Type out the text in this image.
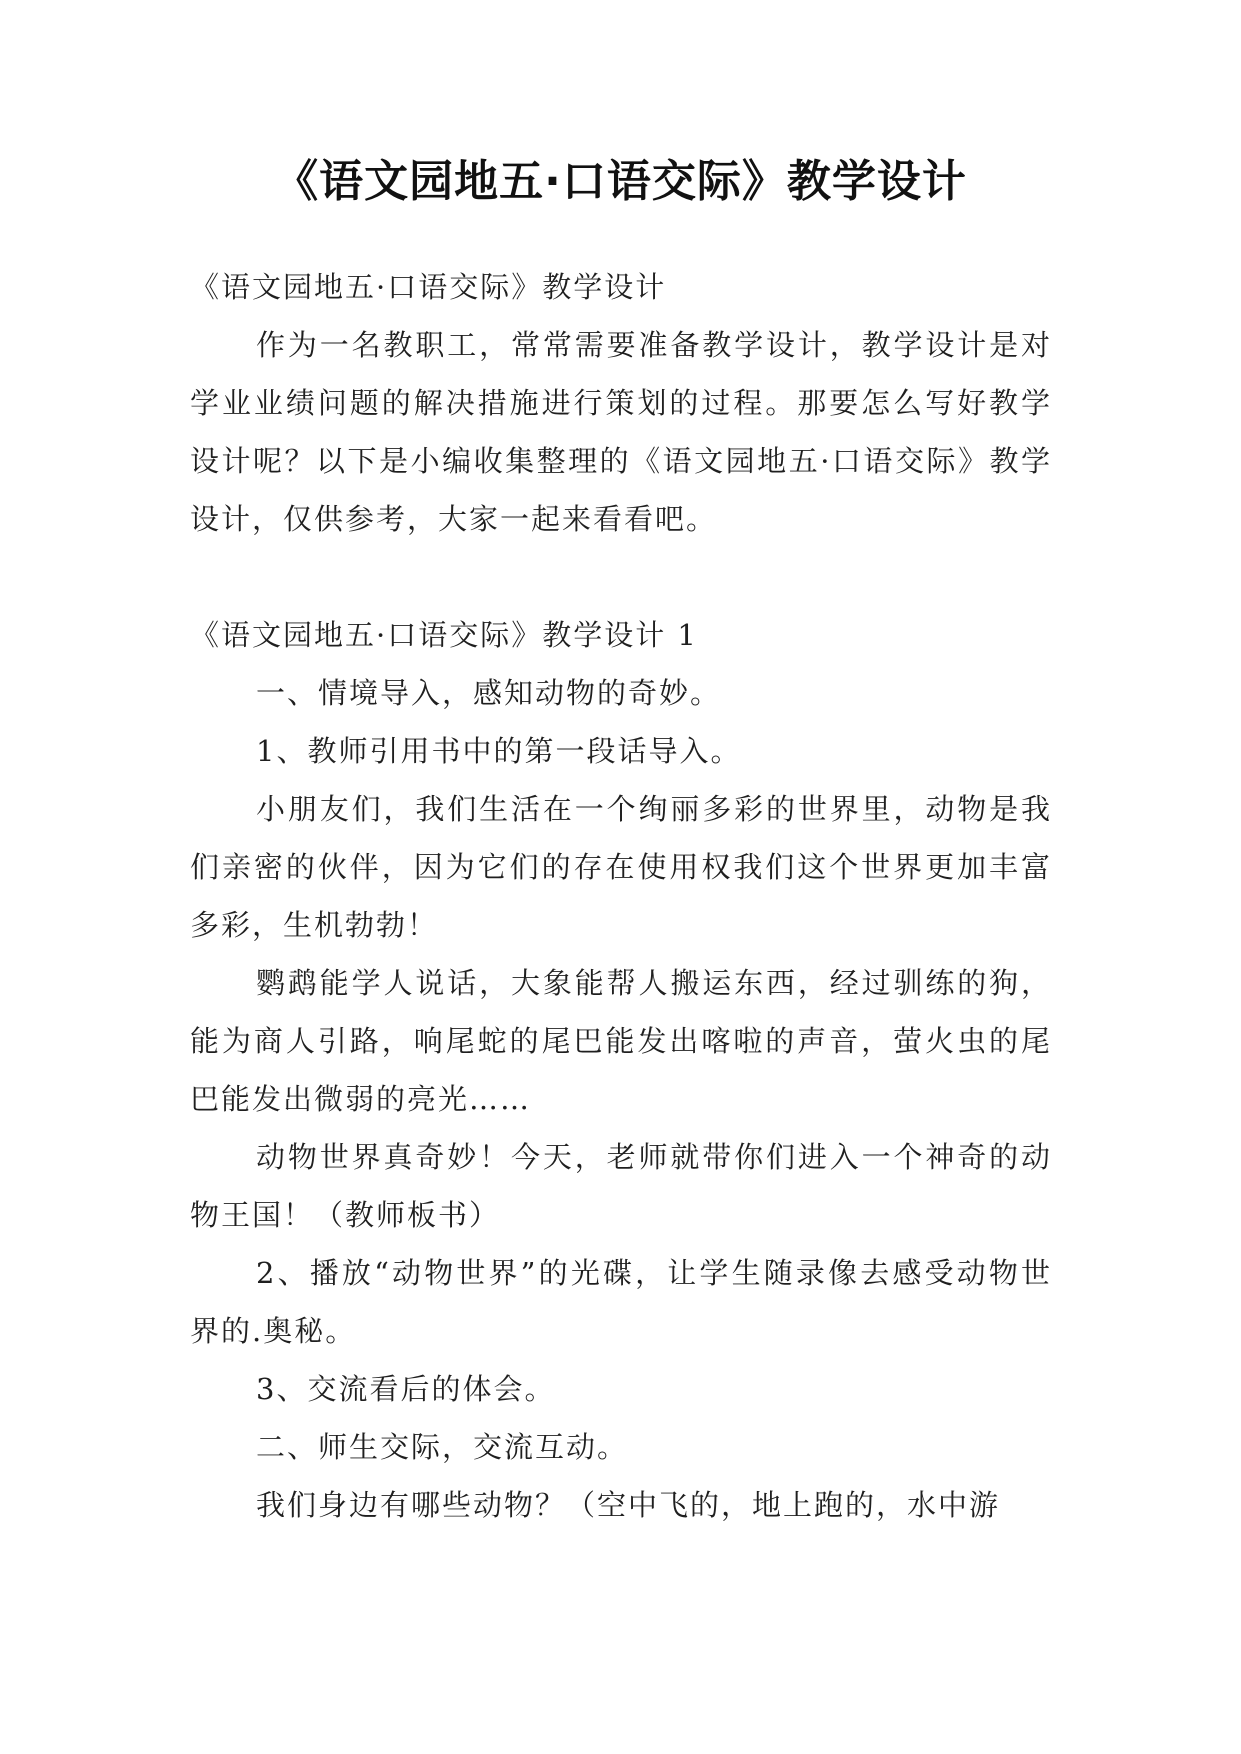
《语文园地五·口语交际》教学设计

《语文园地五·口语交际》教学设计

作为一名教职工，常常需要准备教学设计，教学设计是对学业业绩问题的解决措施进行策划的过程。那要怎么写好教学设计呢？以下是小编收集整理的《语文园地五·口语交际》教学设计，仅供参考，大家一起来看看吧。

《语文园地五·口语交际》教学设计 1

一、情境导入，感知动物的奇妙。

1、教师引用书中的第一段话导入。

小朋友们，我们生活在一个绚丽多彩的世界里，动物是我们亲密的伙伴，因为它们的存在使用权我们这个世界更加丰富多彩，生机勃勃！

鹦鹉能学人说话，大象能帮人搬运东西，经过驯练的狗，能为商人引路，响尾蛇的尾巴能发出喀啦的声音，萤火虫的尾巴能发出微弱的亮光……

动物世界真奇妙！今天，老师就带你们进入一个神奇的动物王国！（教师板书）

2、播放“动物世界”的光碟，让学生随录像去感受动物世界的.奥秘。

3、交流看后的体会。

二、师生交际，交流互动。

我们身边有哪些动物？（空中飞的，地上跑的，水中游
